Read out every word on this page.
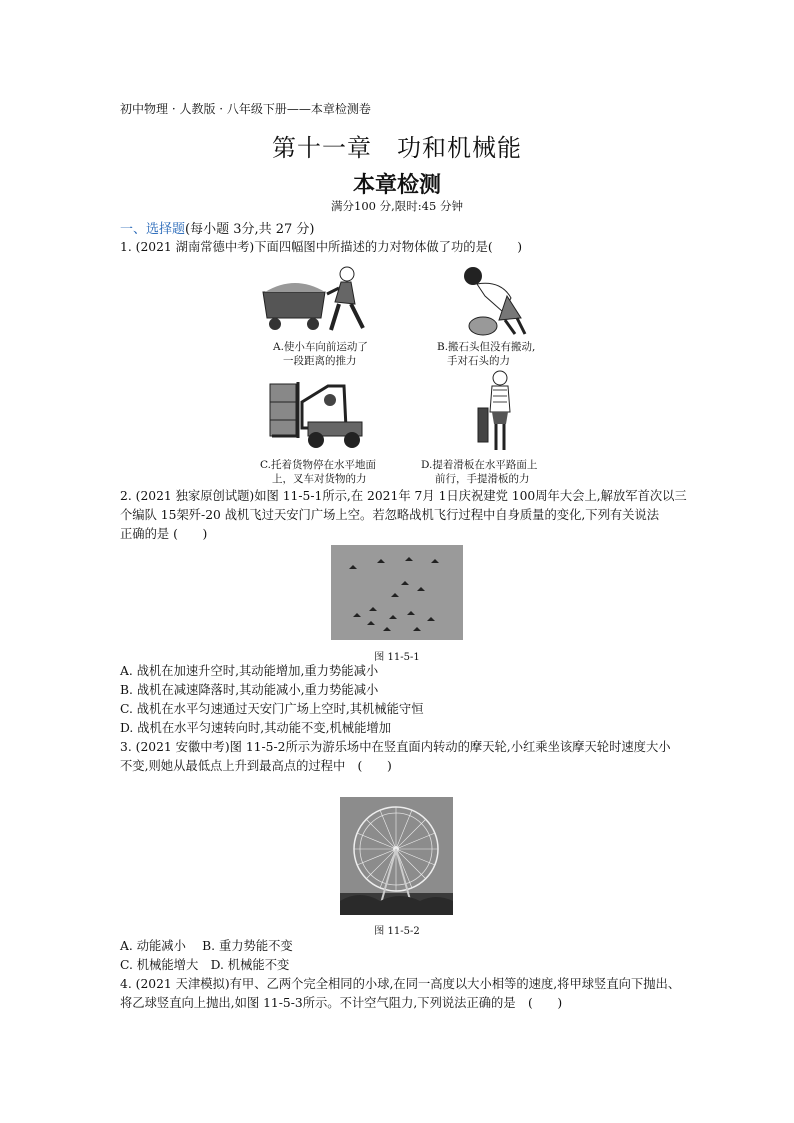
初中物理 · 人教版 · 八年级下册——本章检测卷
第十一章　功和机械能
本章检测
满分100 分,限时:45 分钟
一、选择题(每小题 3分,共 27 分)
1. (2021 湖南常德中考)下面四幅图中所描述的力对物体做了功的是(　　)
A.使小车向前运动了
一段距离的推力
B.搬石头但没有搬动,
手对石头的力
C.托着货物停在水平地面
上，叉车对货物的力
D.提着滑板在水平路面上
前行，手提滑板的力
2. (2021 独家原创试题)如图 11-5-1所示,在 2021年 7月 1日庆祝建党 100周年大会上,解放军首次以三
个编队 15架歼-20 战机飞过天安门广场上空。若忽略战机飞行过程中自身质量的变化,下列有关说法
正确的是 (　　)
图 11-5-1
A. 战机在加速升空时,其动能增加,重力势能减小
B. 战机在减速降落时,其动能减小,重力势能减小
C. 战机在水平匀速通过天安门广场上空时,其机械能守恒
D. 战机在水平匀速转向时,其动能不变,机械能增加
3. (2021 安徽中考)图 11-5-2所示为游乐场中在竖直面内转动的摩天轮,小红乘坐该摩天轮时速度大小
不变,则她从最低点上升到最高点的过程中　(　　)
图 11-5-2
A. 动能减小　 B. 重力势能不变
C. 机械能增大　D. 机械能不变
4. (2021 天津模拟)有甲、乙两个完全相同的小球,在同一高度以大小相等的速度,将甲球竖直向下抛出、
将乙球竖直向上抛出,如图 11-5-3所示。不计空气阻力,下列说法正确的是　(　　)
